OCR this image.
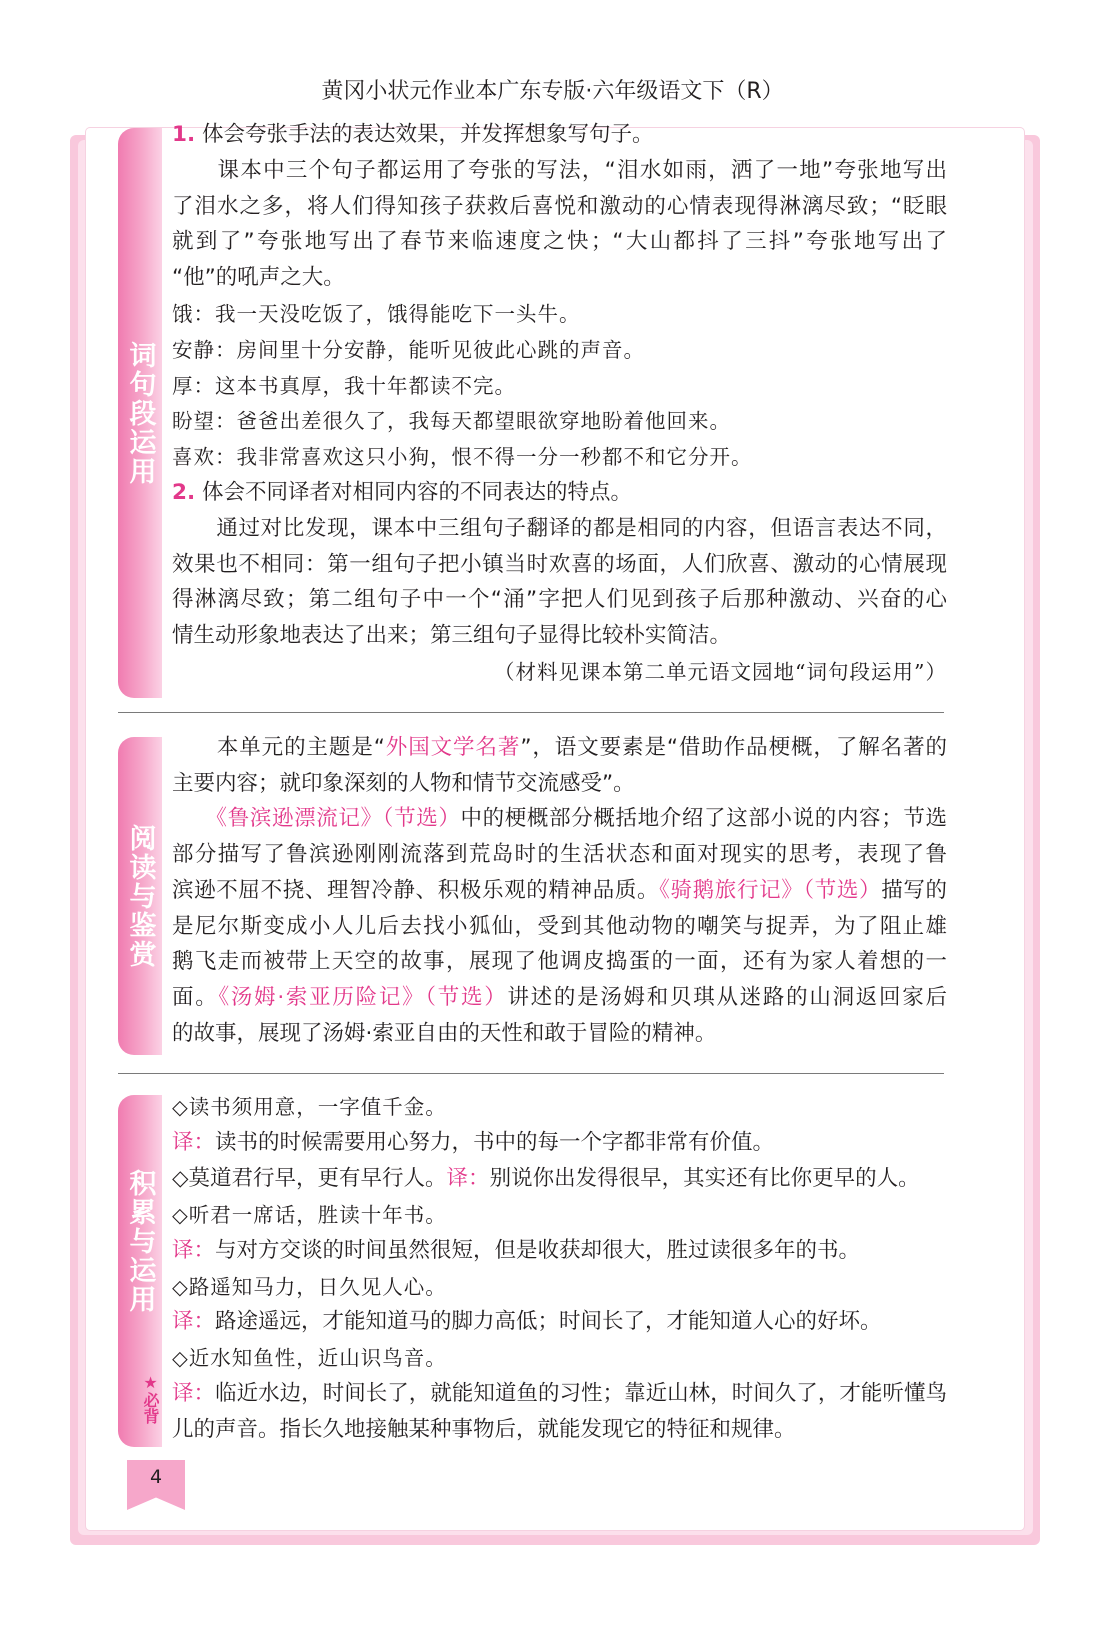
黄冈小状元作业本广东专版·六年级语文下（R）
词句段运用
阅读与鉴赏
积累与运用
★必背
1. 体会夸张手法的表达效果，并发挥想象写句子。
　　课本中三个句子都运用了夸张的写法，“泪水如雨，洒了一地”夸张地写出
了泪水之多，将人们得知孩子获救后喜悦和激动的心情表现得淋漓尽致；“眨眼
就到了”夸张地写出了春节来临速度之快；“大山都抖了三抖”夸张地写出了
“他”的吼声之大。
饿：我一天没吃饭了，饿得能吃下一头牛。
安静：房间里十分安静，能听见彼此心跳的声音。
厚：这本书真厚，我十年都读不完。
盼望：爸爸出差很久了，我每天都望眼欲穿地盼着他回来。
喜欢：我非常喜欢这只小狗，恨不得一分一秒都不和它分开。
2. 体会不同译者对相同内容的不同表达的特点。
　　通过对比发现，课本中三组句子翻译的都是相同的内容，但语言表达不同，
效果也不相同：第一组句子把小镇当时欢喜的场面，人们欣喜、激动的心情展现
得淋漓尽致；第二组句子中一个“涌”字把人们见到孩子后那种激动、兴奋的心
情生动形象地表达了出来；第三组句子显得比较朴实简洁。
（材料见课本第二单元语文园地“词句段运用”）
　　本单元的主题是“外国文学名著”，语文要素是“借助作品梗概，了解名著的
主要内容；就印象深刻的人物和情节交流感受”。
　　《鲁滨逊漂流记》（节选）中的梗概部分概括地介绍了这部小说的内容；节选
部分描写了鲁滨逊刚刚流落到荒岛时的生活状态和面对现实的思考，表现了鲁
滨逊不屈不挠、理智冷静、积极乐观的精神品质。《骑鹅旅行记》（节选）描写的
是尼尔斯变成小人儿后去找小狐仙，受到其他动物的嘲笑与捉弄，为了阻止雄
鹅飞走而被带上天空的故事，展现了他调皮捣蛋的一面，还有为家人着想的一
面。《汤姆·索亚历险记》（节选）讲述的是汤姆和贝琪从迷路的山洞返回家后
的故事，展现了汤姆·索亚自由的天性和敢于冒险的精神。
◇读书须用意，一字值千金。
译：读书的时候需要用心努力，书中的每一个字都非常有价值。
◇莫道君行早，更有早行人。译：别说你出发得很早，其实还有比你更早的人。
◇听君一席话，胜读十年书。
译：与对方交谈的时间虽然很短，但是收获却很大，胜过读很多年的书。
◇路遥知马力，日久见人心。
译：路途遥远，才能知道马的脚力高低；时间长了，才能知道人心的好坏。
◇近水知鱼性，近山识鸟音。
译：临近水边，时间长了，就能知道鱼的习性；靠近山林，时间久了，才能听懂鸟
儿的声音。指长久地接触某种事物后，就能发现它的特征和规律。
4
